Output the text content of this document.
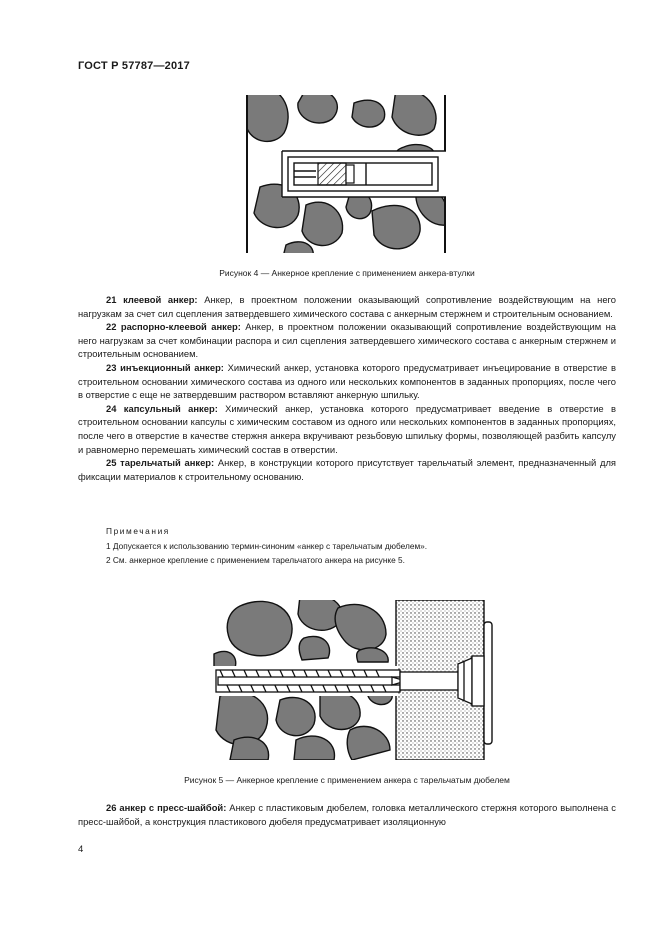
ГОСТ Р 57787—2017
Рисунок 4 — Анкерное крепление с применением анкера-втулки

21 клеевой анкер: Анкер, в проектном положении оказывающий сопротивление воздействующим на него нагрузкам за счет сил сцепления затвердевшего химического состава с анкерным стержнем и строительным основанием.

22 распорно-клеевой анкер: Анкер, в проектном положении оказывающий сопротивление воздействующим на него нагрузкам за счет комбинации распора и сил сцепления затвердевшего химического состава с анкерным стержнем и строительным основанием.

23 инъекционный анкер: Химический анкер, установка которого предусматривает инъецирование в отверстие в строительном основании химического состава из одного или нескольких компонентов в заданных пропорциях, после чего в отверстие с еще не затвердевшим раствором вставляют анкерную шпильку.

24 капсульный анкер: Химический анкер, установка которого предусматривает введение в отверстие в строительном основании капсулы с химическим составом из одного или нескольких компонентов в заданных пропорциях, после чего в отверстие в качестве стержня анкера вкручивают резьбовую шпильку формы, позволяющей разбить капсулу и равномерно перемешать химический состав в отверстии.

25 тарельчатый анкер: Анкер, в конструкции которого присутствует тарельчатый элемент, предназначенный для фиксации материалов к строительному основанию.

Примечания
1 Допускается к использованию термин-синоним «анкер с тарельчатым дюбелем».
2 См. анкерное крепление с применением тарельчатого анкера на рисунке 5.
Рисунок 5 — Анкерное крепление с применением анкера с тарельчатым дюбелем

26 анкер с пресс-шайбой: Анкер с пластиковым дюбелем, головка металлического стержня которого выполнена с пресс-шайбой, а конструкция пластикового дюбеля предусматривает изоляционную

4
